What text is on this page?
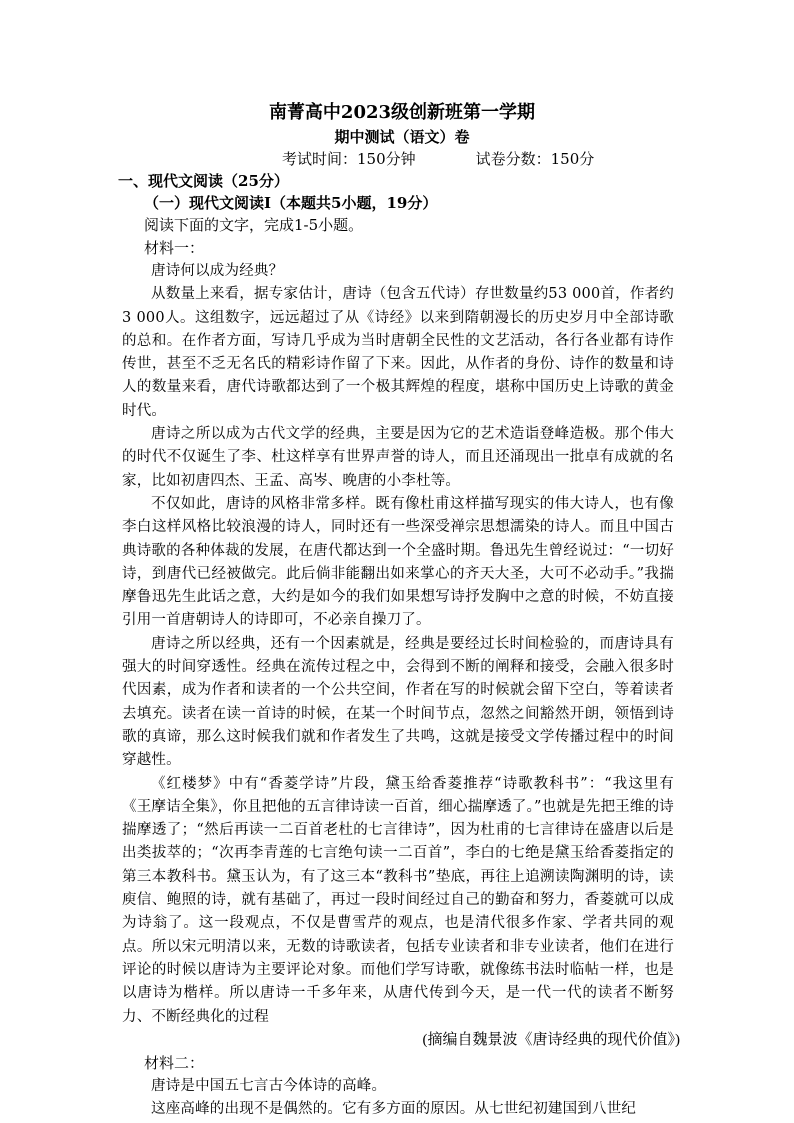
南菁高中2023级创新班第一学期

期中测试（语文）卷

考试时间：150分钟	试卷分数：150分

一、现代文阅读（25分）

（一）现代文阅读Ⅰ（本题共5小题，19分）

阅读下面的文字，完成1-5小题。

材料一：

唐诗何以成为经典？

从数量上来看，据专家估计，唐诗（包含五代诗）存世数量约53 000首，作者约3 000人。这组数字，远远超过了从《诗经》以来到隋朝漫长的历史岁月中全部诗歌的总和。在作者方面，写诗几乎成为当时唐朝全民性的文艺活动，各行各业都有诗作传世，甚至不乏无名氏的精彩诗作留了下来。因此，从作者的身份、诗作的数量和诗人的数量来看，唐代诗歌都达到了一个极其辉煌的程度，堪称中国历史上诗歌的黄金时代。

唐诗之所以成为古代文学的经典，主要是因为它的艺术造诣登峰造极。那个伟大的时代不仅诞生了李、杜这样享有世界声誉的诗人，而且还涌现出一批卓有成就的名家，比如初唐四杰、王孟、高岑、晚唐的小李杜等。

不仅如此，唐诗的风格非常多样。既有像杜甫这样描写现实的伟大诗人，也有像李白这样风格比较浪漫的诗人，同时还有一些深受禅宗思想濡染的诗人。而且中国古典诗歌的各种体裁的发展，在唐代都达到一个全盛时期。鲁迅先生曾经说过：“一切好诗，到唐代已经被做完。此后倘非能翻出如来掌心的齐天大圣，大可不必动手。”我揣摩鲁迅先生此话之意，大约是如今的我们如果想写诗抒发胸中之意的时候，不妨直接引用一首唐朝诗人的诗即可，不必亲自操刀了。

唐诗之所以经典，还有一个因素就是，经典是要经过长时间检验的，而唐诗具有强大的时间穿透性。经典在流传过程之中，会得到不断的阐释和接受，会融入很多时代因素，成为作者和读者的一个公共空间，作者在写的时候就会留下空白，等着读者去填充。读者在读一首诗的时候，在某一个时间节点，忽然之间豁然开朗，领悟到诗歌的真谛，那么这时候我们就和作者发生了共鸣，这就是接受文学传播过程中的时间穿越性。

《红楼梦》中有“香菱学诗”片段，黛玉给香菱推荐“诗歌教科书”：“我这里有《王摩诘全集》，你且把他的五言律诗读一百首，细心揣摩透了。”也就是先把王维的诗揣摩透了；“然后再读一二百首老杜的七言律诗”，因为杜甫的七言律诗在盛唐以后是出类拔萃的；“次再李青莲的七言绝句读一二百首”，李白的七绝是黛玉给香菱指定的第三本教科书。黛玉认为，有了这三本“教科书”垫底，再往上追溯读陶渊明的诗，读庾信、鲍照的诗，就有基础了，再过一段时间经过自己的勤奋和努力，香菱就可以成为诗翁了。这一段观点，不仅是曹雪芹的观点，也是清代很多作家、学者共同的观点。所以宋元明清以来，无数的诗歌读者，包括专业读者和非专业读者，他们在进行评论的时候以唐诗为主要评论对象。而他们学写诗歌，就像练书法时临帖一样，也是以唐诗为楷样。所以唐诗一千多年来，从唐代传到今天，是一代一代的读者不断努力、不断经典化的过程

(摘编自魏景波《唐诗经典的现代价值》)

材料二：

唐诗是中国五七言古今体诗的高峰。

这座高峰的出现不是偶然的。它有多方面的原因。从七世纪初建国到八世纪
